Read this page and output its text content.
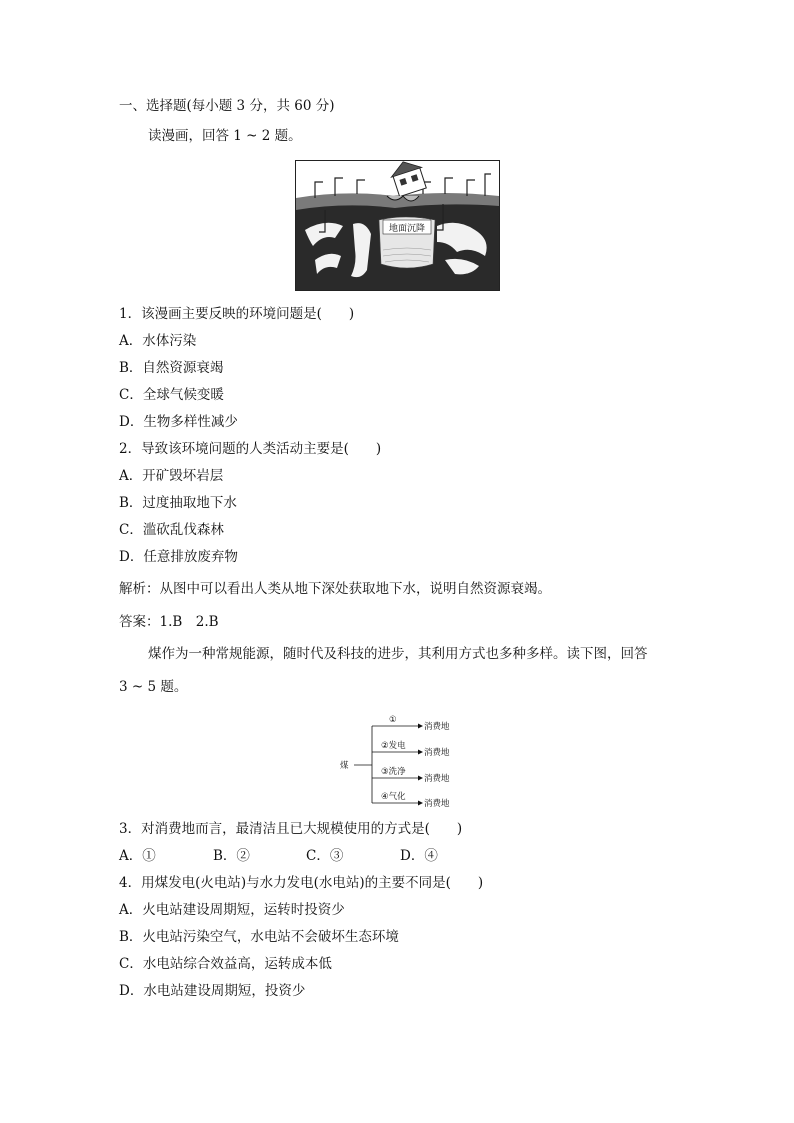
一、选择题(每小题 3 分，共 60 分)
读漫画，回答 1 ~ 2 题。
地面沉降
1．该漫画主要反映的环境问题是(　　)
A．水体污染
B．自然资源衰竭
C．全球气候变暖
D．生物多样性减少
2．导致该环境问题的人类活动主要是(　　)
A．开矿毁坏岩层
B．过度抽取地下水
C．滥砍乱伐森林
D．任意排放废弃物
解析：从图中可以看出人类从地下深处获取地下水，说明自然资源衰竭。
答案：1.B　2.B
煤作为一种常规能源，随时代及科技的进步，其利用方式也多种多样。读下图，回答
3 ~ 5 题。
煤
①
②发电
③洗净
④气化
消费地
消费地
消费地
消费地
3．对消费地而言，最清洁且已大规模使用的方式是(　　)
A．①	B．②	C．③	D．④
4．用煤发电(火电站)与水力发电(水电站)的主要不同是(　　)
A．火电站建设周期短，运转时投资少
B．火电站污染空气，水电站不会破坏生态环境
C．水电站综合效益高，运转成本低
D．水电站建设周期短，投资少
